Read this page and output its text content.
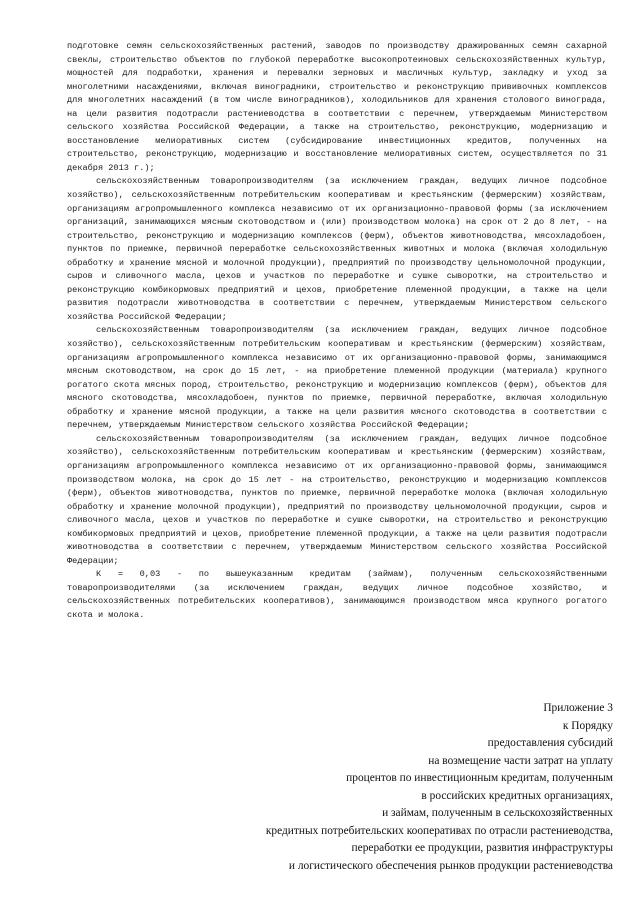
подготовке семян сельскохозяйственных растений, заводов по производству дражированных семян сахарной свеклы, строительство объектов по глубокой переработке высокопротеиновых сельскохозяйственных культур, мощностей для подработки, хранения и перевалки зерновых и масличных культур, закладку и уход за многолетними насаждениями, включая виноградники, строительство и реконструкцию прививочных комплексов для многолетних насаждений (в том числе виноградников), холодильников для хранения столового винограда, на цели развития подотрасли растениеводства в соответствии с перечнем, утверждаемым Министерством сельского хозяйства Российской Федерации, а также на строительство, реконструкцию, модернизацию и восстановление мелиоративных систем (субсидирование инвестиционных кредитов, полученных на строительство, реконструкцию, модернизацию и восстановление мелиоративных систем, осуществляется по 31 декабря 2013 г.);

сельскохозяйственным товаропроизводителям (за исключением граждан, ведущих личное подсобное хозяйство), сельскохозяйственным потребительским кооперативам и крестьянским (фермерским) хозяйствам, организациям агропромышленного комплекса независимо от их организационно-правовой формы (за исключением организаций, занимающихся мясным скотоводством и (или) производством молока) на срок от 2 до 8 лет, - на строительство, реконструкцию и модернизацию комплексов (ферм), объектов животноводства, мясохладобоен, пунктов по приемке, первичной переработке сельскохозяйственных животных и молока (включая холодильную обработку и хранение мясной и молочной продукции), предприятий по производству цельномолочной продукции, сыров и сливочного масла, цехов и участков по переработке и сушке сыворотки, на строительство и реконструкцию комбикормовых предприятий и цехов, приобретение племенной продукции, а также на цели развития подотрасли животноводства в соответствии с перечнем, утверждаемым Министерством сельского хозяйства Российской Федерации;

сельскохозяйственным товаропроизводителям (за исключением граждан, ведущих личное подсобное хозяйство), сельскохозяйственным потребительским кооперативам и крестьянским (фермерским) хозяйствам, организациям агропромышленного комплекса независимо от их организационно-правовой формы, занимающимся мясным скотоводством, на срок до 15 лет, - на приобретение племенной продукции (материала) крупного рогатого скота мясных пород, строительство, реконструкцию и модернизацию комплексов (ферм), объектов для мясного скотоводства, мясохладобоен, пунктов по приемке, первичной переработке, включая холодильную обработку и хранение мясной продукции, а также на цели развития мясного скотоводства в соответствии с перечнем, утверждаемым Министерством сельского хозяйства Российской Федерации;

сельскохозяйственным товаропроизводителям (за исключением граждан, ведущих личное подсобное хозяйство), сельскохозяйственным потребительским кооперативам и крестьянским (фермерским) хозяйствам, организациям агропромышленного комплекса независимо от их организационно-правовой формы, занимающимся производством молока, на срок до 15 лет - на строительство, реконструкцию и модернизацию комплексов (ферм), объектов животноводства, пунктов по приемке, первичной переработке молока (включая холодильную обработку и хранение молочной продукции), предприятий по производству цельномолочной продукции, сыров и сливочного масла, цехов и участков по переработке и сушке сыворотки, на строительство и реконструкцию комбикормовых предприятий и цехов, приобретение племенной продукции, а также на цели развития подотрасли животноводства в соответствии с перечнем, утверждаемым Министерством сельского хозяйства Российской Федерации;

К = 0,03 - по вышеуказанным кредитам (займам), полученным сельскохозяйственными товаропроизводителями (за исключением граждан, ведущих личное подсобное хозяйство, и сельскохозяйственных потребительских кооперативов), занимающимся производством мяса крупного рогатого скота и молока.

Приложение 3
к Порядку
предоставления субсидий
на возмещение части затрат на уплату
процентов по инвестиционным кредитам, полученным
в российских кредитных организациях,
и займам, полученным в сельскохозяйственных
кредитных потребительских кооперативах по отрасли растениеводства,
переработки ее продукции, развития инфраструктуры
и логистического обеспечения рынков продукции растениеводства
